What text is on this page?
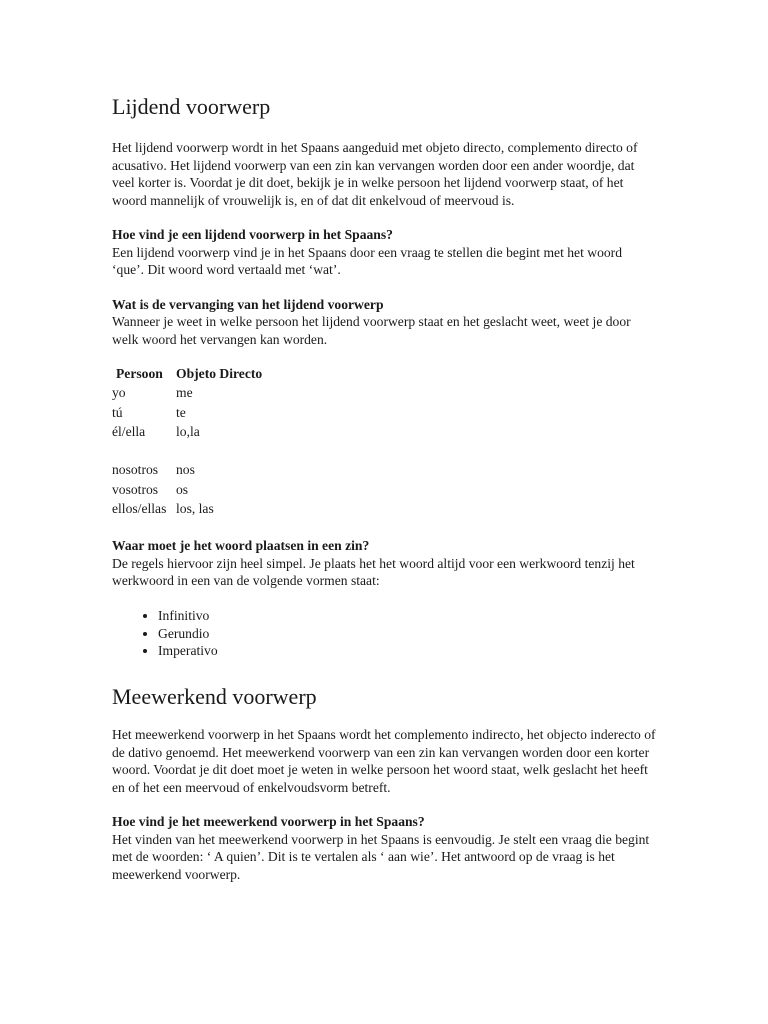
Lijdend voorwerp

Het lijdend voorwerp wordt in het Spaans aangeduid met objeto directo, complemento directo of acusativo. Het lijdend voorwerp van een zin kan vervangen worden door een ander woordje, dat veel korter is. Voordat je dit doet, bekijk je in welke persoon het lijdend voorwerp staat, of het woord mannelijk of vrouwelijk is, en of dat dit enkelvoud of meervoud is.

Hoe vind je een lijdend voorwerp in het Spaans?

Een lijdend voorwerp vind je in het Spaans door een vraag te stellen die begint met het woord ‘que’. Dit woord word vertaald met ‘wat’.

Wat is de vervanging van het lijdend voorwerp

Wanneer je weet in welke persoon het lijdend voorwerp staat en het geslacht weet, weet je door welk woord het vervangen kan worden.

Persoon	Objeto Directo
yo	me
tú	te
él/ella	lo,la

nosotros	nos
vosotros	os
ellos/ellas	los, las
Waar moet je het woord plaatsen in een zin?

De regels hiervoor zijn heel simpel. Je plaats het het woord altijd voor een werkwoord tenzij het werkwoord in een van de volgende vormen staat:

• Infinitivo
• Gerundio
• Imperativo
Meewerkend voorwerp

Het meewerkend voorwerp in het Spaans wordt het complemento indirecto, het objecto inderecto of de dativo genoemd. Het meewerkend voorwerp van een zin kan vervangen worden door een korter woord. Voordat je dit doet moet je weten in welke persoon het woord staat, welk geslacht het heeft en of het een meervoud of enkelvoudsvorm betreft.

Hoe vind je het meewerkend voorwerp in het Spaans?

Het vinden van het meewerkend voorwerp in het Spaans is eenvoudig. Je stelt een vraag die begint met de woorden: ‘ A quien’. Dit is te vertalen als ‘ aan wie’. Het antwoord op de vraag is het meewerkend voorwerp.
